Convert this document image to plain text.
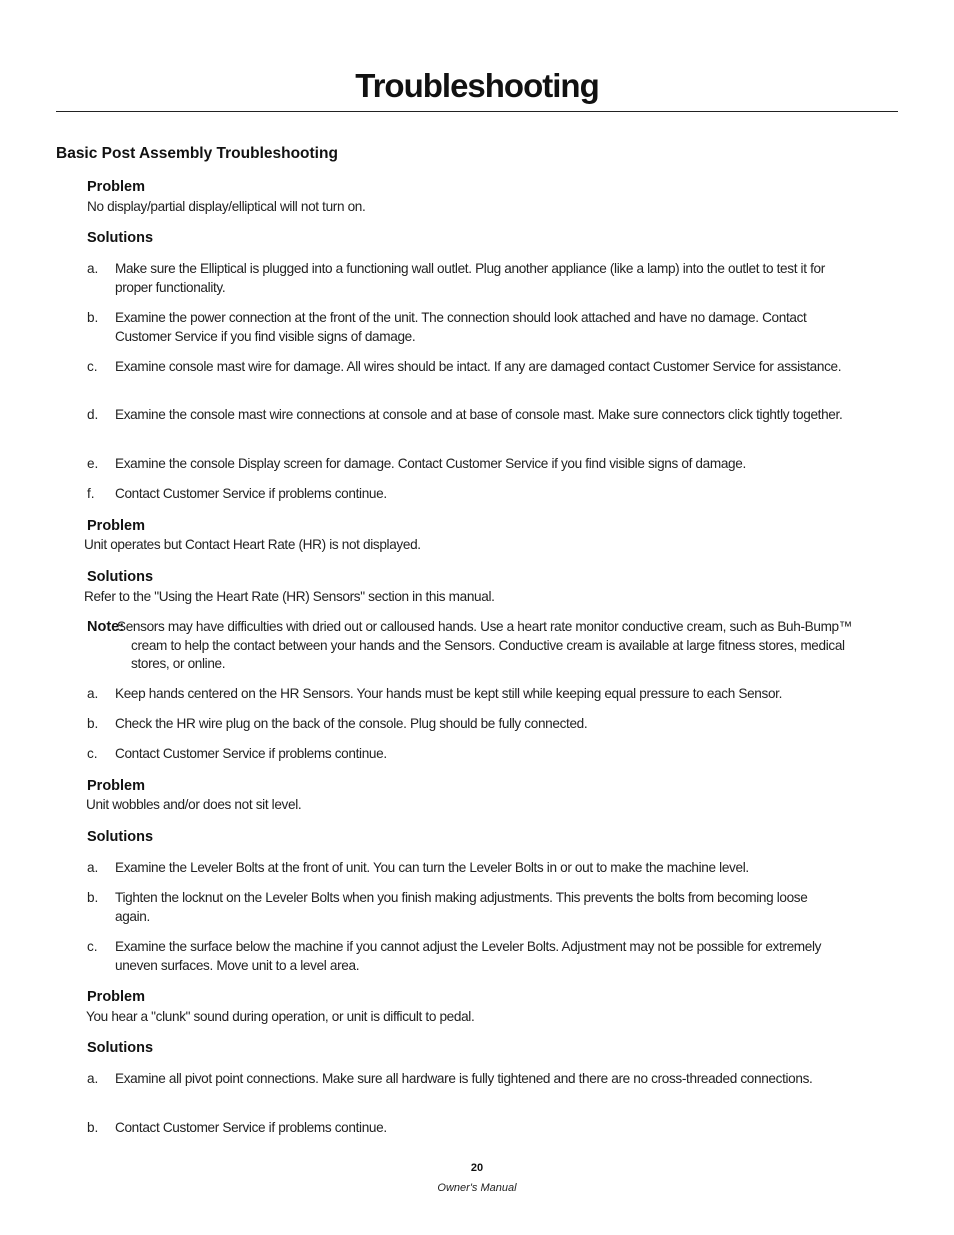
Troubleshooting
Basic Post Assembly Troubleshooting
Problem
No display/partial display/elliptical will not turn on.
Solutions
a. Make sure the Elliptical is plugged into a functioning wall outlet. Plug another appliance (like a lamp) into the outlet to test it for proper functionality.
b. Examine the power connection at the front of the unit. The connection should look attached and have no damage. Contact Customer Service if you find visible signs of damage.
c. Examine console mast wire for damage. All wires should be intact. If any are damaged contact Customer Service for assistance.
d. Examine the console mast wire connections at console and at base of console mast. Make sure connectors click tightly together.
e. Examine the console Display screen for damage. Contact Customer Service if you find visible signs of damage.
f. Contact Customer Service if problems continue.
Problem
Unit operates but Contact Heart Rate (HR) is not displayed.
Solutions
Refer to the "Using the Heart Rate (HR) Sensors" section in this manual.
Note:
Sensors may have difficulties with dried out or calloused hands. Use a heart rate monitor conductive cream, such as Buh-Bump™ cream to help the contact between your hands and the Sensors. Conductive cream is available at large fitness stores, medical stores, or online.
a. Keep hands centered on the HR Sensors. Your hands must be kept still while keeping equal pressure to each Sensor.
b. Check the HR wire plug on the back of the console. Plug should be fully connected.
c. Contact Customer Service if problems continue.
Problem
Unit wobbles and/or does not sit level.
Solutions
a. Examine the Leveler Bolts at the front of unit. You can turn the Leveler Bolts in or out to make the machine level.
b. Tighten the locknut on the Leveler Bolts when you finish making adjustments. This prevents the bolts from becoming loose again.
c. Examine the surface below the machine if you cannot adjust the Leveler Bolts. Adjustment may not be possible for extremely uneven surfaces. Move unit to a level area.
Problem
You hear a "clunk" sound during operation, or unit is difficult to pedal.
Solutions
a. Examine all pivot point connections. Make sure all hardware is fully tightened and there are no cross-threaded connections.
b. Contact Customer Service if problems continue.
20
Owner's Manual
